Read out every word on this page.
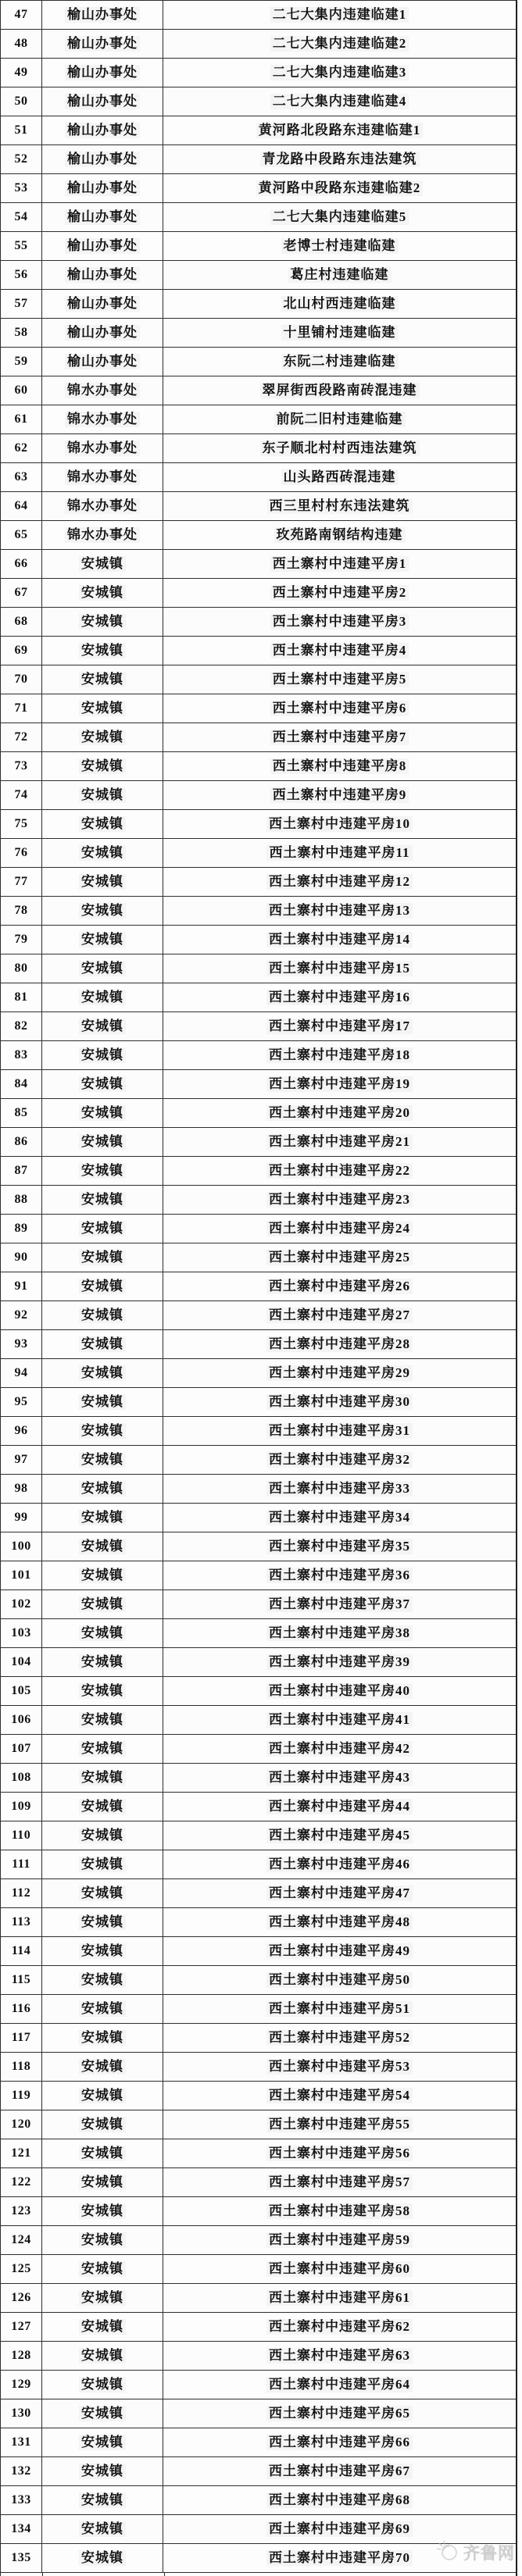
47	榆山办事处	二七大集内违建临建1
48	榆山办事处	二七大集内违建临建2
49	榆山办事处	二七大集内违建临建3
50	榆山办事处	二七大集内违建临建4
51	榆山办事处	黄河路北段路东违建临建1
52	榆山办事处	青龙路中段路东违法建筑
53	榆山办事处	黄河路中段路东违建临建2
54	榆山办事处	二七大集内违建临建5
55	榆山办事处	老博士村违建临建
56	榆山办事处	葛庄村违建临建
57	榆山办事处	北山村西违建临建
58	榆山办事处	十里铺村违建临建
59	榆山办事处	东阮二村违建临建
60	锦水办事处	翠屏街西段路南砖混违建
61	锦水办事处	前阮二旧村违建临建
62	锦水办事处	东子顺北村村西违法建筑
63	锦水办事处	山头路西砖混违建
64	锦水办事处	西三里村村东违法建筑
65	锦水办事处	玫苑路南钢结构违建
66	安城镇	西土寨村中违建平房1
67	安城镇	西土寨村中违建平房2
68	安城镇	西土寨村中违建平房3
69	安城镇	西土寨村中违建平房4
70	安城镇	西土寨村中违建平房5
71	安城镇	西土寨村中违建平房6
72	安城镇	西土寨村中违建平房7
73	安城镇	西土寨村中违建平房8
74	安城镇	西土寨村中违建平房9
75	安城镇	西土寨村中违建平房10
76	安城镇	西土寨村中违建平房11
77	安城镇	西土寨村中违建平房12
78	安城镇	西土寨村中违建平房13
79	安城镇	西土寨村中违建平房14
80	安城镇	西土寨村中违建平房15
81	安城镇	西土寨村中违建平房16
82	安城镇	西土寨村中违建平房17
83	安城镇	西土寨村中违建平房18
84	安城镇	西土寨村中违建平房19
85	安城镇	西土寨村中违建平房20
86	安城镇	西土寨村中违建平房21
87	安城镇	西土寨村中违建平房22
88	安城镇	西土寨村中违建平房23
89	安城镇	西土寨村中违建平房24
90	安城镇	西土寨村中违建平房25
91	安城镇	西土寨村中违建平房26
92	安城镇	西土寨村中违建平房27
93	安城镇	西土寨村中违建平房28
94	安城镇	西土寨村中违建平房29
95	安城镇	西土寨村中违建平房30
96	安城镇	西土寨村中违建平房31
97	安城镇	西土寨村中违建平房32
98	安城镇	西土寨村中违建平房33
99	安城镇	西土寨村中违建平房34
100	安城镇	西土寨村中违建平房35
101	安城镇	西土寨村中违建平房36
102	安城镇	西土寨村中违建平房37
103	安城镇	西土寨村中违建平房38
104	安城镇	西土寨村中违建平房39
105	安城镇	西土寨村中违建平房40
106	安城镇	西土寨村中违建平房41
107	安城镇	西土寨村中违建平房42
108	安城镇	西土寨村中违建平房43
109	安城镇	西土寨村中违建平房44
110	安城镇	西土寨村中违建平房45
111	安城镇	西土寨村中违建平房46
112	安城镇	西土寨村中违建平房47
113	安城镇	西土寨村中违建平房48
114	安城镇	西土寨村中违建平房49
115	安城镇	西土寨村中违建平房50
116	安城镇	西土寨村中违建平房51
117	安城镇	西土寨村中违建平房52
118	安城镇	西土寨村中违建平房53
119	安城镇	西土寨村中违建平房54
120	安城镇	西土寨村中违建平房55
121	安城镇	西土寨村中违建平房56
122	安城镇	西土寨村中违建平房57
123	安城镇	西土寨村中违建平房58
124	安城镇	西土寨村中违建平房59
125	安城镇	西土寨村中违建平房60
126	安城镇	西土寨村中违建平房61
127	安城镇	西土寨村中违建平房62
128	安城镇	西土寨村中违建平房63
129	安城镇	西土寨村中违建平房64
130	安城镇	西土寨村中违建平房65
131	安城镇	西土寨村中违建平房66
132	安城镇	西土寨村中违建平房67
133	安城镇	西土寨村中违建平房68
134	安城镇	西土寨村中违建平房69
135	安城镇	西土寨村中违建平房70	齐鲁网
